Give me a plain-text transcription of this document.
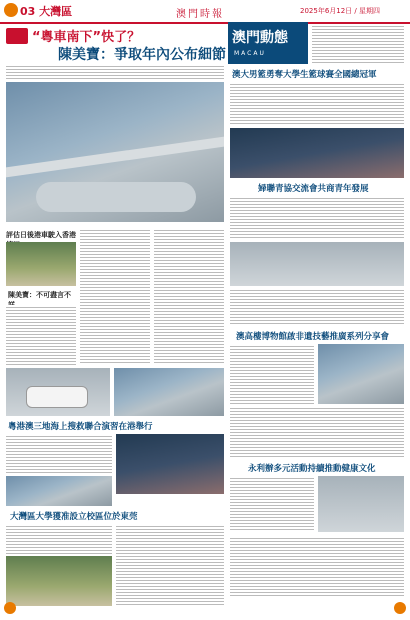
03 大灣區	澳門時報	2025年6月12日 / 星期四
“粵車南下”快了？
陳美寶：爭取年內公布細節
評估日後港車駛入香港
陳美寶：不可盡言不
粵港澳三地海上搜救聯合演習在港舉行
大灣區大學獲准設立校區位於東莞
澳門動態
MACAU
澳大男籃勇奪大學生籃球賽全國總冠軍
婦聯青協交流會共商青年發展
澳高樓博物館啟非遺技藝推廣系列分享會
永利辦多元活動持續推動健康文化
